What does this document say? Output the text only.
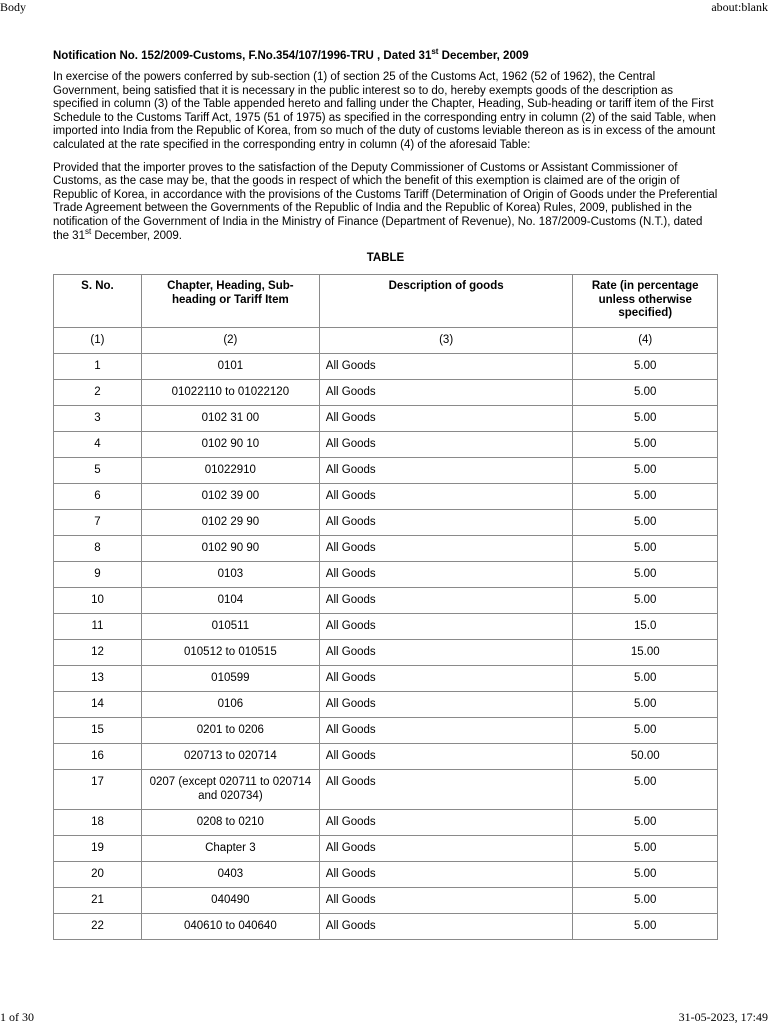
Body	about:blank

Notification No. 152/2009-Customs, F.No.354/107/1996-TRU , Dated 31st December, 2009

In exercise of the powers conferred by sub-section (1) of section 25 of the Customs Act, 1962 (52 of 1962), the Central Government, being satisfied that it is necessary in the public interest so to do, hereby exempts goods of the description as specified in column (3) of the Table appended hereto and falling under the Chapter, Heading, Sub-heading or tariff item of the First Schedule to the Customs Tariff Act, 1975 (51 of 1975) as specified in the corresponding entry in column (2) of the said Table, when imported into India from the Republic of Korea, from so much of the duty of customs leviable thereon as is in excess of the amount calculated at the rate specified in the corresponding entry in column (4) of the aforesaid Table:

Provided that the importer proves to the satisfaction of the Deputy Commissioner of Customs or Assistant Commissioner of Customs, as the case may be, that the goods in respect of which the benefit of this exemption is claimed are of the origin of Republic of Korea, in accordance with the provisions of the Customs Tariff (Determination of Origin of Goods under the Preferential Trade Agreement between the Governments of the Republic of India and the Republic of Korea) Rules, 2009, published in the notification of the Government of India in the Ministry of Finance (Department of Revenue), No. 187/2009-Customs (N.T.), dated the 31st December, 2009.

TABLE

S. No.	Chapter, Heading, Sub-heading or Tariff Item	Description of goods	Rate (in percentage unless otherwise specified)
(1)	(2)	(3)	(4)
1	0101	All Goods	5.00
2	01022110 to 01022120	All Goods	5.00
3	0102 31 00	All Goods	5.00
4	0102 90 10	All Goods	5.00
5	01022910	All Goods	5.00
6	0102 39 00	All Goods	5.00
7	0102 29 90	All Goods	5.00
8	0102 90 90	All Goods	5.00
9	0103	All Goods	5.00
10	0104	All Goods	5.00
11	010511	All Goods	15.0
12	010512 to 010515	All Goods	15.00
13	010599	All Goods	5.00
14	0106	All Goods	5.00
15	0201 to 0206	All Goods	5.00
16	020713 to 020714	All Goods	50.00
17	0207 (except 020711 to 020714 and 020734)	All Goods	5.00
18	0208 to 0210	All Goods	5.00
19	Chapter 3	All Goods	5.00
20	0403	All Goods	5.00
21	040490	All Goods	5.00
22	040610 to 040640	All Goods	5.00
1 of 30	31-05-2023, 17:49
